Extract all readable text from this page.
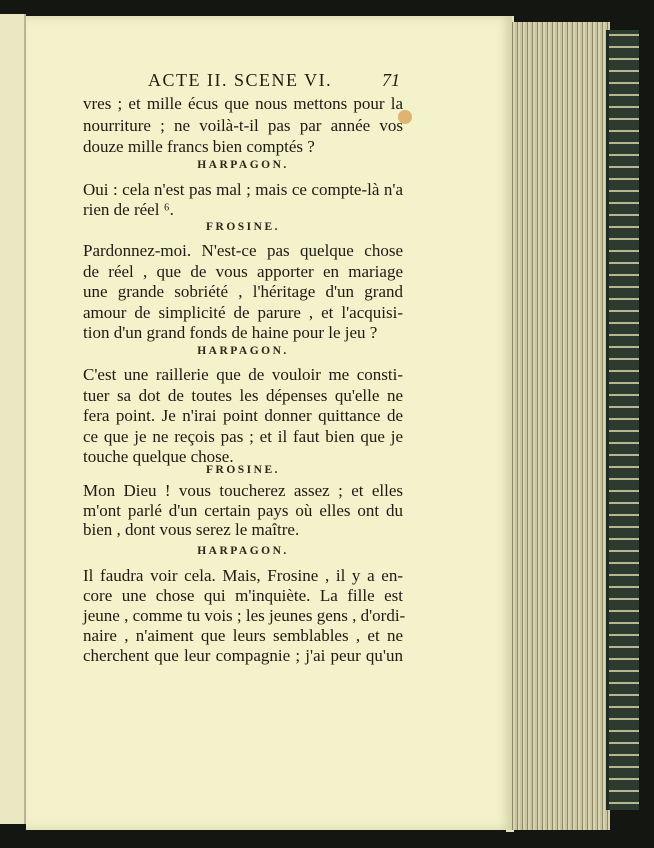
ACTE II. SCENE VI.	71
vres ; et mille écus que nous mettons pour la
nourriture ; ne voilà-t-il pas par année vos
douze mille francs bien comptés ?
HARPAGON.
Oui : cela n'est pas mal ; mais ce compte-là n'a
rien de réel ⁶.
FROSINE.
Pardonnez-moi. N'est-ce pas quelque chose
de réel , que de vous apporter en mariage
une grande sobriété , l'héritage d'un grand
amour de simplicité de parure , et l'acquisi-
tion d'un grand fonds de haine pour le jeu ?
HARPAGON.
C'est une raillerie que de vouloir me consti-
tuer sa dot de toutes les dépenses qu'elle ne
fera point. Je n'irai point donner quittance de
ce que je ne reçois pas ; et il faut bien que je
touche quelque chose.
FROSINE.
Mon Dieu ! vous toucherez assez ; et elles
m'ont parlé d'un certain pays où elles ont du
bien , dont vous serez le maître.
HARPAGON.
Il faudra voir cela. Mais, Frosine , il y a en-
core une chose qui m'inquiète. La fille est
jeune , comme tu vois ; les jeunes gens , d'ordi-
naire , n'aiment que leurs semblables , et ne
cherchent que leur compagnie ; j'ai peur qu'un
